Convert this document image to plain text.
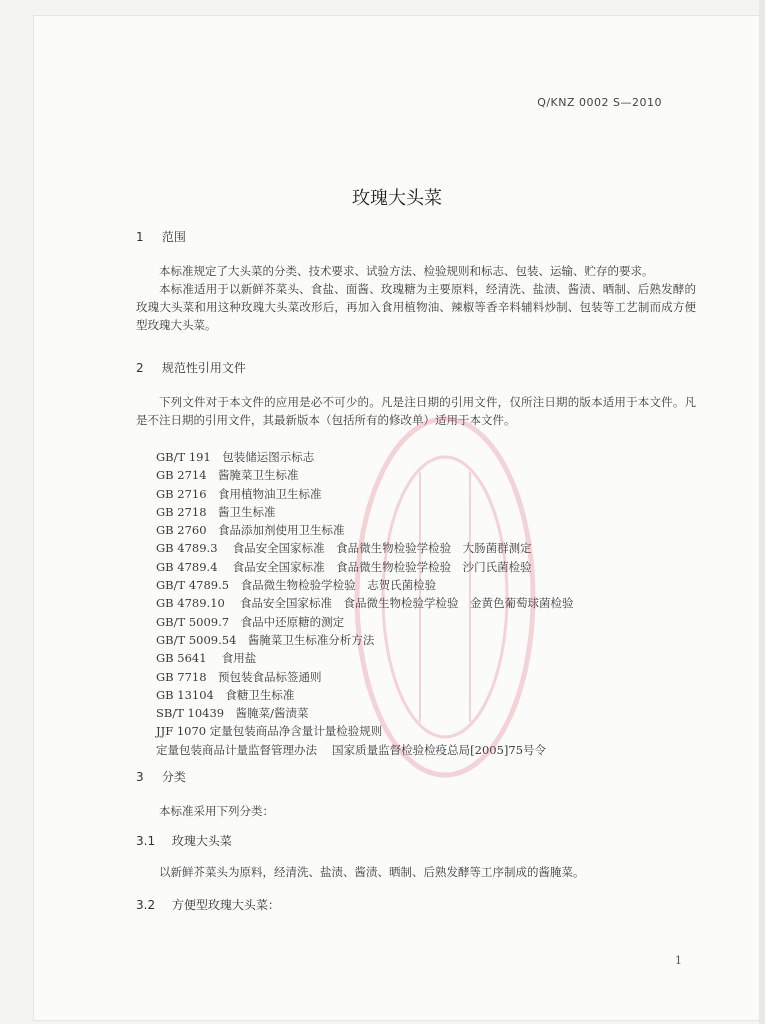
Q/KNZ 0002 S—2010
玫瑰大头菜
1 范围
本标准规定了大头菜的分类、技术要求、试验方法、检验规则和标志、包装、运输、贮存的要求。
本标准适用于以新鲜芥菜头、食盐、面酱、玫瑰糖为主要原料，经清洗、盐渍、酱渍、晒制、后熟发酵的玫瑰大头菜和用这种玫瑰大头菜改形后，再加入食用植物油、辣椒等香辛料辅料炒制、包装等工艺制而成方便型玫瑰大头菜。
2 规范性引用文件
下列文件对于本文件的应用是必不可少的。凡是注日期的引用文件，仅所注日期的版本适用于本文件。凡是不注日期的引用文件，其最新版本（包括所有的修改单）适用于本文件。
GB/T 191　包装储运图示标志
GB 2714　酱腌菜卫生标准
GB 2716　食用植物油卫生标准
GB 2718　酱卫生标准
GB 2760　食品添加剂使用卫生标准
GB 4789.3　 食品安全国家标准　食品微生物检验学检验　大肠菌群测定
GB 4789.4　 食品安全国家标准　食品微生物检验学检验　沙门氏菌检验
GB/T 4789.5　食品微生物检验学检验　志贺氏菌检验
GB 4789.10　 食品安全国家标准　食品微生物检验学检验　金黄色葡萄球菌检验
GB/T 5009.7　食品中还原糖的测定
GB/T 5009.54　酱腌菜卫生标准分析方法
GB 5641　 食用盐
GB 7718　预包装食品标签通则
GB 13104　食糖卫生标准
SB/T 10439　酱腌菜/酱渍菜
JJF 1070 定量包装商品净含量计量检验规则
定量包装商品计量监督管理办法　 国家质量监督检验检疫总局[2005]75号令
3 分类
本标准采用下列分类：
3.1 玫瑰大头菜
以新鲜芥菜头为原料，经清洗、盐渍、酱渍、晒制、后熟发酵等工序制成的酱腌菜。
3.2 方便型玫瑰大头菜：
1
